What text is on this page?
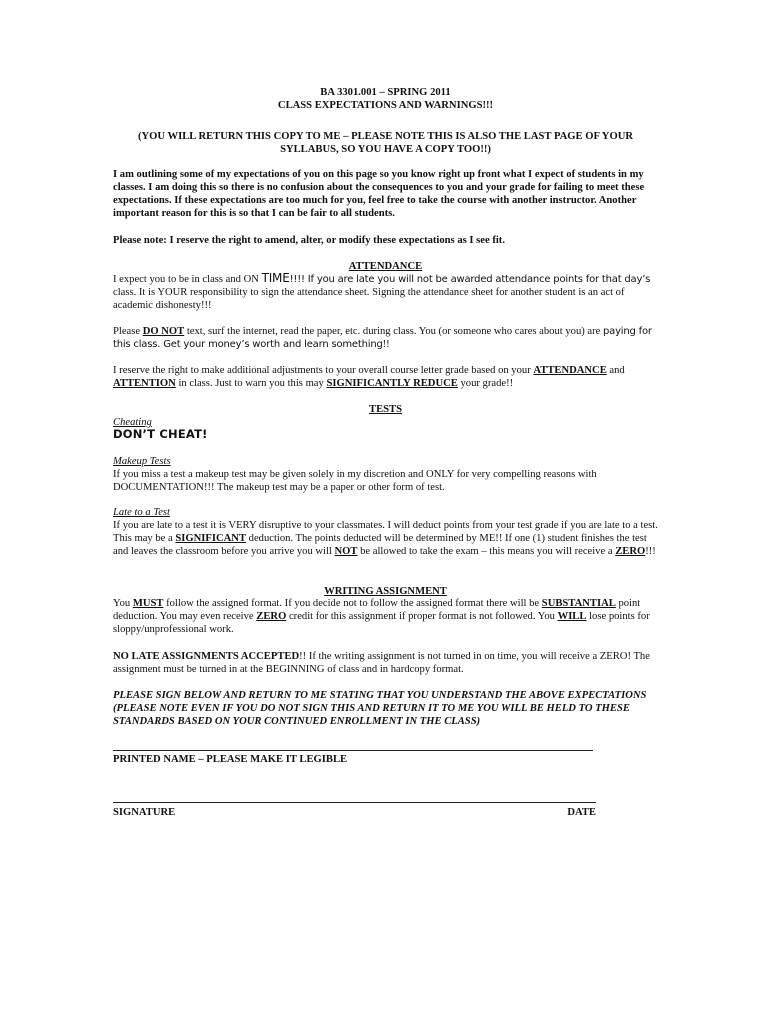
BA 3301.001 – SPRING 2011
CLASS EXPECTATIONS AND WARNINGS!!!
(YOU WILL RETURN THIS COPY TO ME – PLEASE NOTE THIS IS ALSO THE LAST PAGE OF YOUR SYLLABUS, SO YOU HAVE A COPY TOO!!)
I am outlining some of my expectations of you on this page so you know right up front what I expect of students in my classes. I am doing this so there is no confusion about the consequences to you and your grade for failing to meet these expectations. If these expectations are too much for you, feel free to take the course with another instructor. Another important reason for this is so that I can be fair to all students.
Please note: I reserve the right to amend, alter, or modify these expectations as I see fit.
ATTENDANCE
I expect you to be in class and ON TIME!!!! If you are late you will not be awarded attendance points for that day’s class. It is YOUR responsibility to sign the attendance sheet. Signing the attendance sheet for another student is an act of academic dishonesty!!!
Please DO NOT text, surf the internet, read the paper, etc. during class. You (or someone who cares about you) are paying for this class. Get your money’s worth and learn something!!
I reserve the right to make additional adjustments to your overall course letter grade based on your ATTENDANCE and ATTENTION in class. Just to warn you this may SIGNIFICANTLY REDUCE your grade!!
TESTS
Cheating
DON’T CHEAT!
Makeup Tests
If you miss a test a makeup test may be given solely in my discretion and ONLY for very compelling reasons with DOCUMENTATION!!! The makeup test may be a paper or other form of test.
Late to a Test
If you are late to a test it is VERY disruptive to your classmates. I will deduct points from your test grade if you are late to a test. This may be a SIGNIFICANT deduction. The points deducted will be determined by ME!! If one (1) student finishes the test and leaves the classroom before you arrive you will NOT be allowed to take the exam – this means you will receive a ZERO!!!
WRITING ASSIGNMENT
You MUST follow the assigned format. If you decide not to follow the assigned format there will be SUBSTANTIAL point deduction. You may even receive ZERO credit for this assignment if proper format is not followed. You WILL lose points for sloppy/unprofessional work.
NO LATE ASSIGNMENTS ACCEPTED!! If the writing assignment is not turned in on time, you will receive a ZERO! The assignment must be turned in at the BEGINNING of class and in hardcopy format.
PLEASE SIGN BELOW AND RETURN TO ME STATING THAT YOU UNDERSTAND THE ABOVE EXPECTATIONS (PLEASE NOTE EVEN IF YOU DO NOT SIGN THIS AND RETURN IT TO ME YOU WILL BE HELD TO THESE STANDARDS BASED ON YOUR CONTINUED ENROLLMENT IN THE CLASS)
PRINTED NAME – PLEASE MAKE IT LEGIBLE
SIGNATURE	DATE
